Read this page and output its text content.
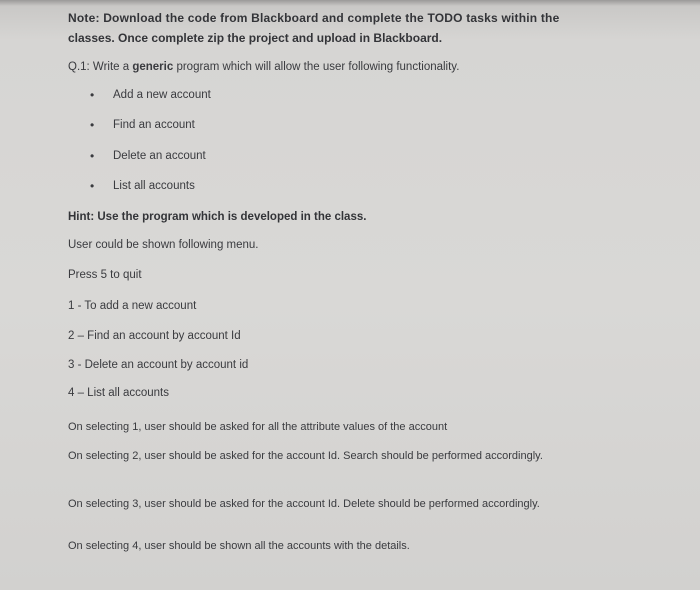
Note: Download the code from Blackboard and complete the TODO tasks within the
classes. Once complete zip the project and upload in Blackboard.
Q.1: Write a generic program which will allow the user following functionality.
• Add a new account
• Find an account
• Delete an account
• List all accounts
Hint: Use the program which is developed in the class.
User could be shown following menu.
Press 5 to quit
1 - To add a new account
2 – Find an account by account Id
3 - Delete an account by account id
4 – List all accounts
On selecting 1, user should be asked for all the attribute values of the account
On selecting 2, user should be asked for the account Id. Search should be performed accordingly.
On selecting 3, user should be asked for the account Id. Delete should be performed accordingly.
On selecting 4, user should be shown all the accounts with the details.
